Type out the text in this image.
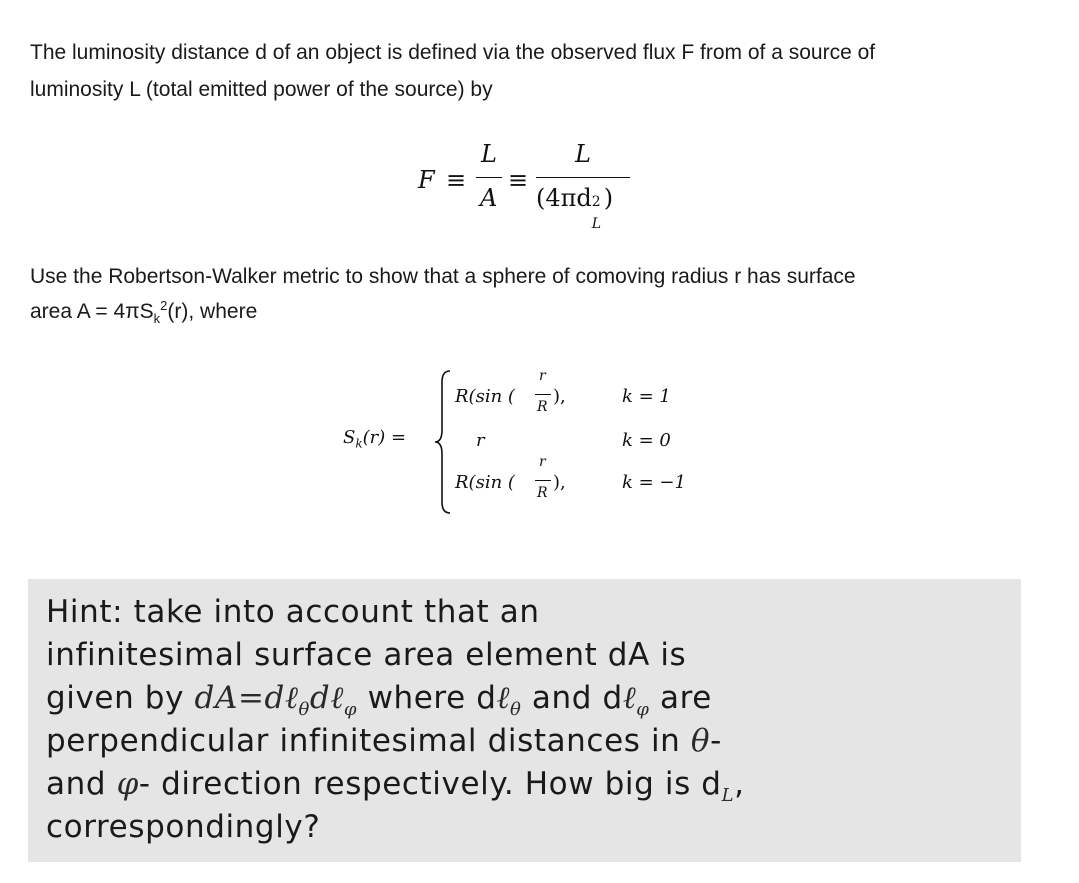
The luminosity distance d of an object is defined via the observed flux F from of a source of
luminosity L (total emitted power of the source) by
F ≡
L
A
≡
L
(4πd 2
L
)
Use the Robertson-Walker metric to show that a sphere of comoving radius r has surface
area $A = 4\pi S_k^2(r)$, where
$S_k(r)$ =
R(sin (
r
R ),	k = 1
r	k = 0
R(sin (
r
R ),	k = −1
Hint: take into account that an
infinitesimal surface area element dA is
given by dA=dℓ$_\theta$dℓ$_\varphi$ where dℓ$_\theta$ and dℓ$_\varphi$ are
perpendicular infinitesimal distances in θ-
and φ- direction respectively. How big is $d_L$,
correspondingly?
